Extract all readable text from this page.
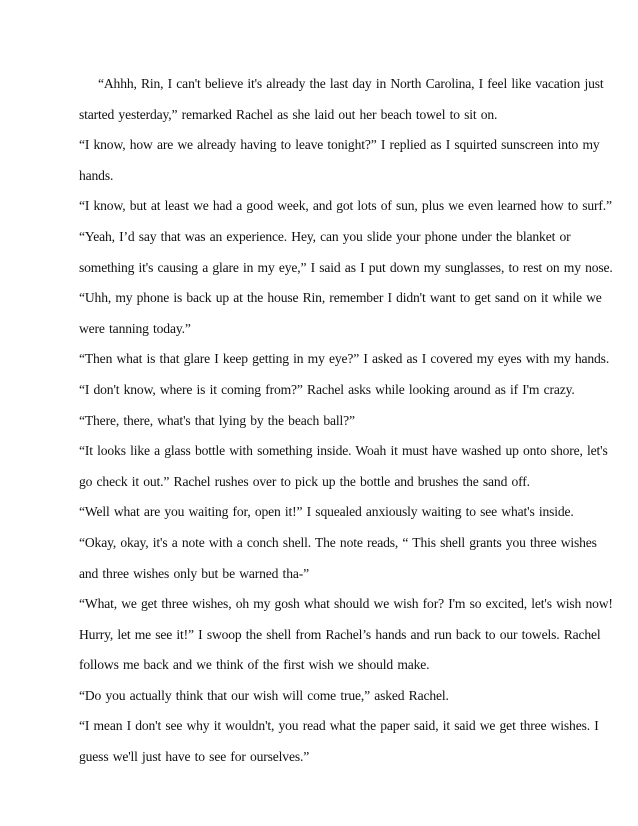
“Ahhh, Rin, I can't believe it's already the last day in North Carolina, I feel like vacation just
started yesterday,” remarked Rachel as she laid out her beach towel to sit on.
“I know, how are we already having to leave tonight?” I replied as I squirted sunscreen into my
hands.
“I know, but at least we had a good week, and got lots of sun, plus we even learned how to surf.”
“Yeah, I’d say that was an experience. Hey, can you slide your phone under the blanket or
something it's causing a glare in my eye,” I said as I put down my sunglasses, to rest on my nose.
“Uhh, my phone is back up at the house Rin, remember I didn't want to get sand on it while we
were tanning today.”
“Then what is that glare I keep getting in my eye?” I asked as I covered my eyes with my hands.
“I don't know, where is it coming from?” Rachel asks while looking around as if I'm crazy.
“There, there, what's that lying by the beach ball?”
“It looks like a glass bottle with something inside. Woah it must have washed up onto shore, let's
go check it out.” Rachel rushes over to pick up the bottle and brushes the sand off.
“Well what are you waiting for, open it!” I squealed anxiously waiting to see what's inside.
“Okay, okay, it's a note with a conch shell. The note reads, “ This shell grants you three wishes
and three wishes only but be warned tha-”
“What, we get three wishes, oh my gosh what should we wish for? I'm so excited, let's wish now!
Hurry, let me see it!” I swoop the shell from Rachel’s hands and run back to our towels. Rachel
follows me back and we think of the first wish we should make.
“Do you actually think that our wish will come true,” asked Rachel.
“I mean I don't see why it wouldn't, you read what the paper said, it said we get three wishes. I
guess we'll just have to see for ourselves.”
